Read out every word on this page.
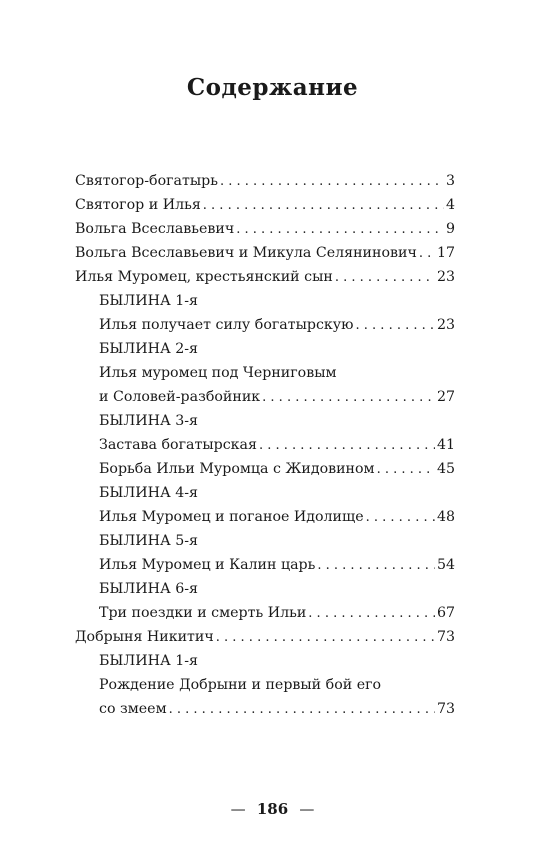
Содержание
Святогор-богатырь . . .	3
Святогор и Илья . . .	4
Вольга Всеславьевич . . .	9
Вольга Всеславьевич и Микула Селянинович . . . 17
Илья Муромец, крестьянский сын . . .	23
БЫЛИНА 1-я
Илья получает силу богатырскую . . .	23
БЫЛИНА 2-я
Илья муромец под Черниговым
и Соловей-разбойник . . .	27
БЫЛИНА 3-я
Застава богатырская . . .	41
Борьба Ильи Муромца с Жидовином . . .	45
БЫЛИНА 4-я
Илья Муромец и поганое Идолище . . .	48
БЫЛИНА 5-я
Илья Муромец и Калин царь . . .	54
БЫЛИНА 6-я
Три поездки и смерть Ильи . . .	67
Добрыня Никитич . . .	73
БЫЛИНА 1-я
Рождение Добрыни и первый бой его
со змеем . . .	73
— 186 —
